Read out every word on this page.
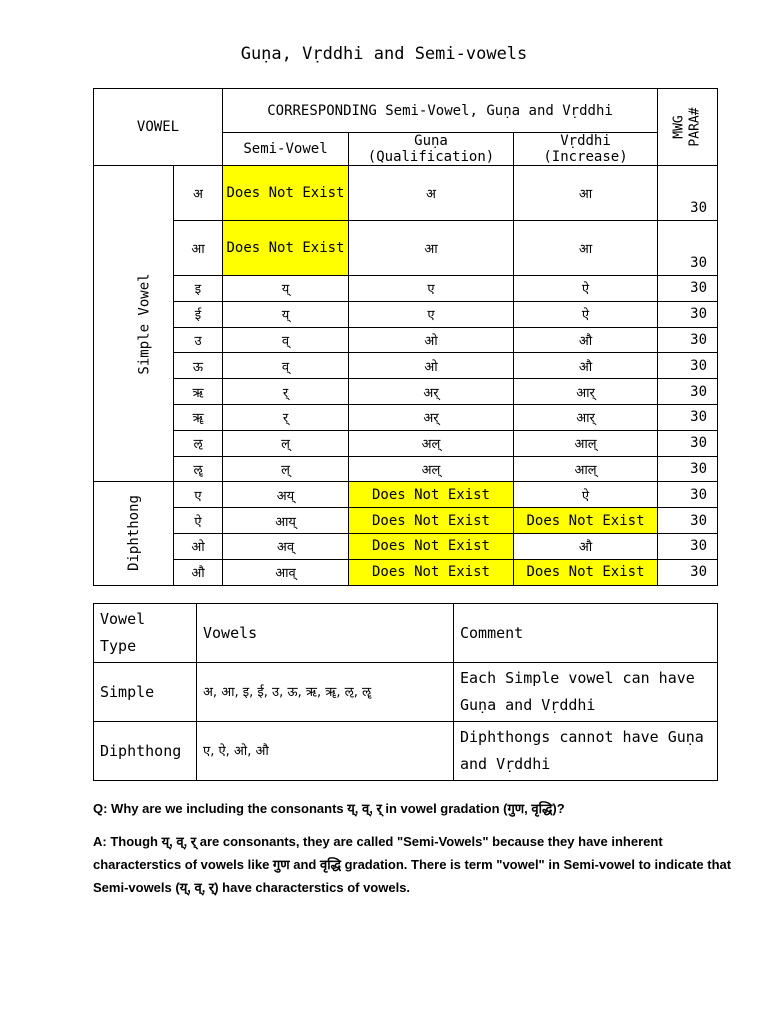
Guṇa, Vṛddhi and Semi-vowels
VOWEL		CORRESPONDING Semi-Vowel, Guṇa and Vṛddhi			MWG
PARA#
		Semi-Vowel	Guṇa (Qualification)	Vṛddhi (Increase)	
Simple Vowel	अ	Does Not Exist	अ	आ	30
	आ	Does Not Exist	आ	आ	30
	इ	य्	ए	ऐ	30
	ई	य्	ए	ऐ	30
	उ	व्	ओ	औ	30
	ऊ	व्	ओ	औ	30
	ऋ	र्	अर्	आर्	30
	ॠ	र्	अर्	आर्	30
	ऌ	ल्	अल्	आल्	30
	ॡ	ल्	अल्	आल्	30
Diphthong	ए	अय्	Does Not Exist	ऐ	30
	ऐ	आय्	Does Not Exist	Does Not Exist	30
	ओ	अव्	Does Not Exist	औ	30
	औ	आव्	Does Not Exist	Does Not Exist	30
Vowel
Type	Vowels	Comment
Simple	अ, आ, इ, ई, उ, ऊ, ऋ, ॠ, ऌ, ॡ	Each Simple vowel can have Guṇa and Vṛddhi
Diphthong	ए, ऐ, ओ, औ	Diphthongs cannot have Guṇa and Vṛddhi

Q: Why are we including the consonants य्, व्, र् in vowel gradation (गुण, वृद्धि)?

A: Though य्, व्, र् are consonants, they are called "Semi-Vowels" because they have inherent characterstics of vowels like गुण and वृद्धि gradation. There is term "vowel" in Semi-vowel to indicate that Semi-vowels (य्, व्, र्) have characterstics of vowels.
